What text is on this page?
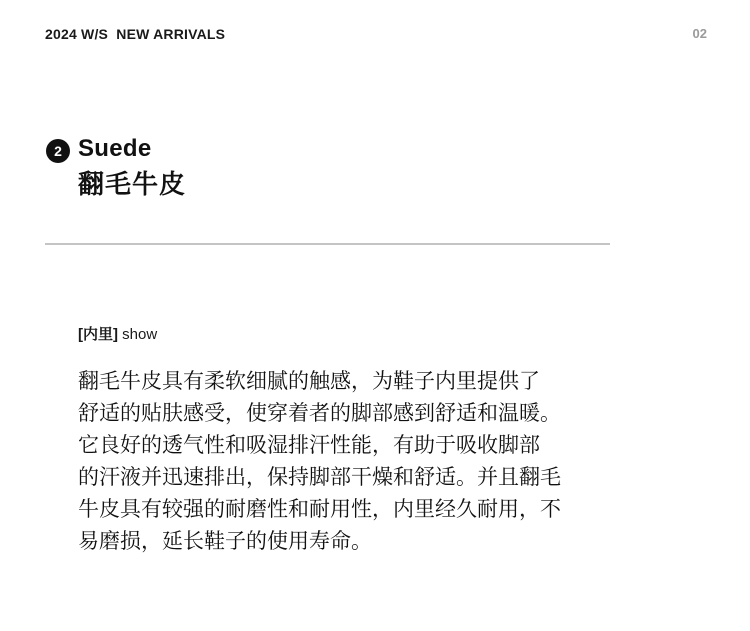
2024 W/S  NEW ARRIVALS	02
2 Suede
翻毛牛皮
[内里] show
翻毛牛皮具有柔软细腻的触感，为鞋子内里提供了
舒适的贴肤感受，使穿着者的脚部感到舒适和温暖。
它良好的透气性和吸湿排汗性能，有助于吸收脚部
的汗液并迅速排出，保持脚部干燥和舒适。并且翻毛
牛皮具有较强的耐磨性和耐用性，内里经久耐用，不
易磨损，延长鞋子的使用寿命。
